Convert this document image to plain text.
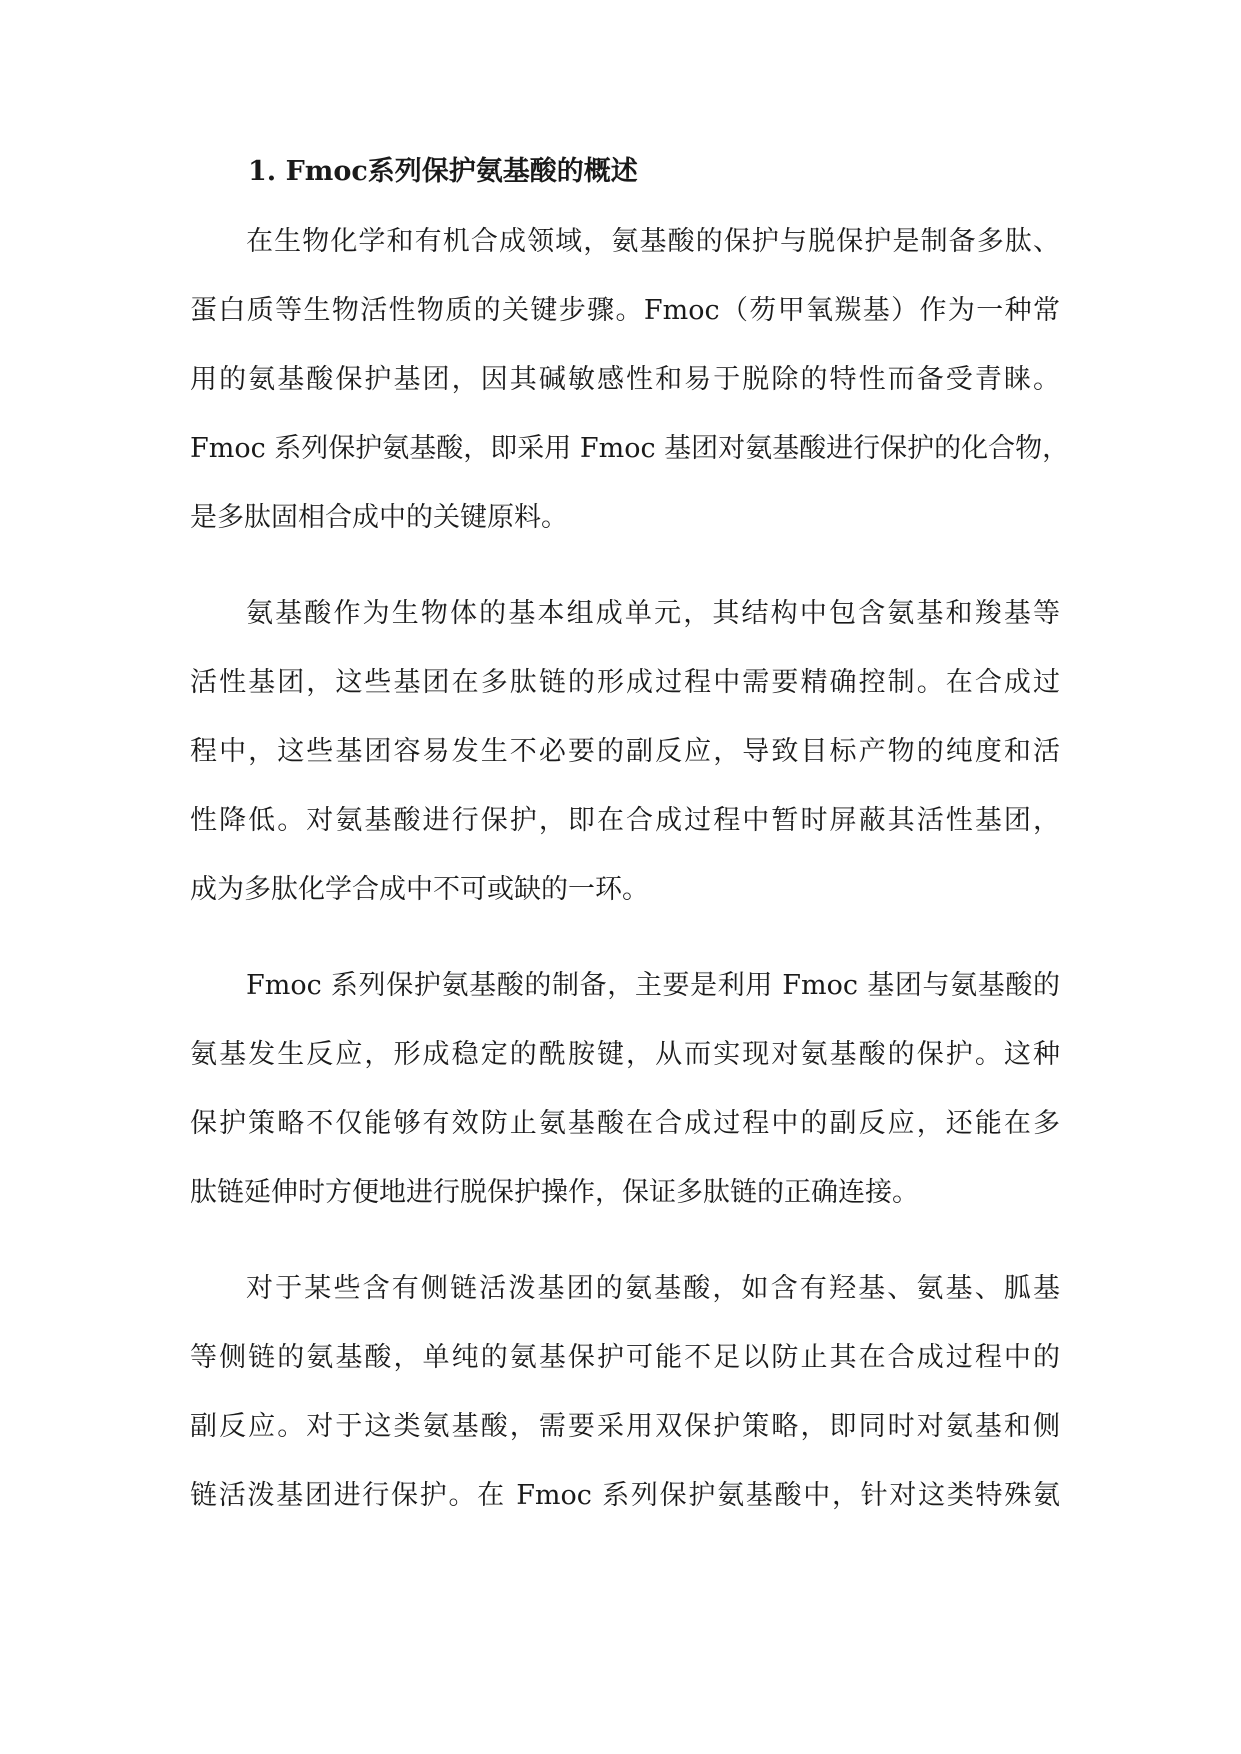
1. Fmoc系列保护氨基酸的概述

在生物化学和有机合成领域，氨基酸的保护与脱保护是制备多肽、

蛋白质等生物活性物质的关键步骤。Fmoc（芴甲氧羰基）作为一种常

用的氨基酸保护基团，因其碱敏感性和易于脱除的特性而备受青睐。

Fmoc 系列保护氨基酸，即采用 Fmoc 基团对氨基酸进行保护的化合物，

是多肽固相合成中的关键原料。

氨基酸作为生物体的基本组成单元，其结构中包含氨基和羧基等

活性基团，这些基团在多肽链的形成过程中需要精确控制。在合成过

程中，这些基团容易发生不必要的副反应，导致目标产物的纯度和活

性降低。对氨基酸进行保护，即在合成过程中暂时屏蔽其活性基团，

成为多肽化学合成中不可或缺的一环。

Fmoc 系列保护氨基酸的制备，主要是利用 Fmoc 基团与氨基酸的

氨基发生反应，形成稳定的酰胺键，从而实现对氨基酸的保护。这种

保护策略不仅能够有效防止氨基酸在合成过程中的副反应，还能在多

肽链延伸时方便地进行脱保护操作，保证多肽链的正确连接。

对于某些含有侧链活泼基团的氨基酸，如含有羟基、氨基、胍基

等侧链的氨基酸，单纯的氨基保护可能不足以防止其在合成过程中的

副反应。对于这类氨基酸，需要采用双保护策略，即同时对氨基和侧

链活泼基团进行保护。在 Fmoc 系列保护氨基酸中，针对这类特殊氨
